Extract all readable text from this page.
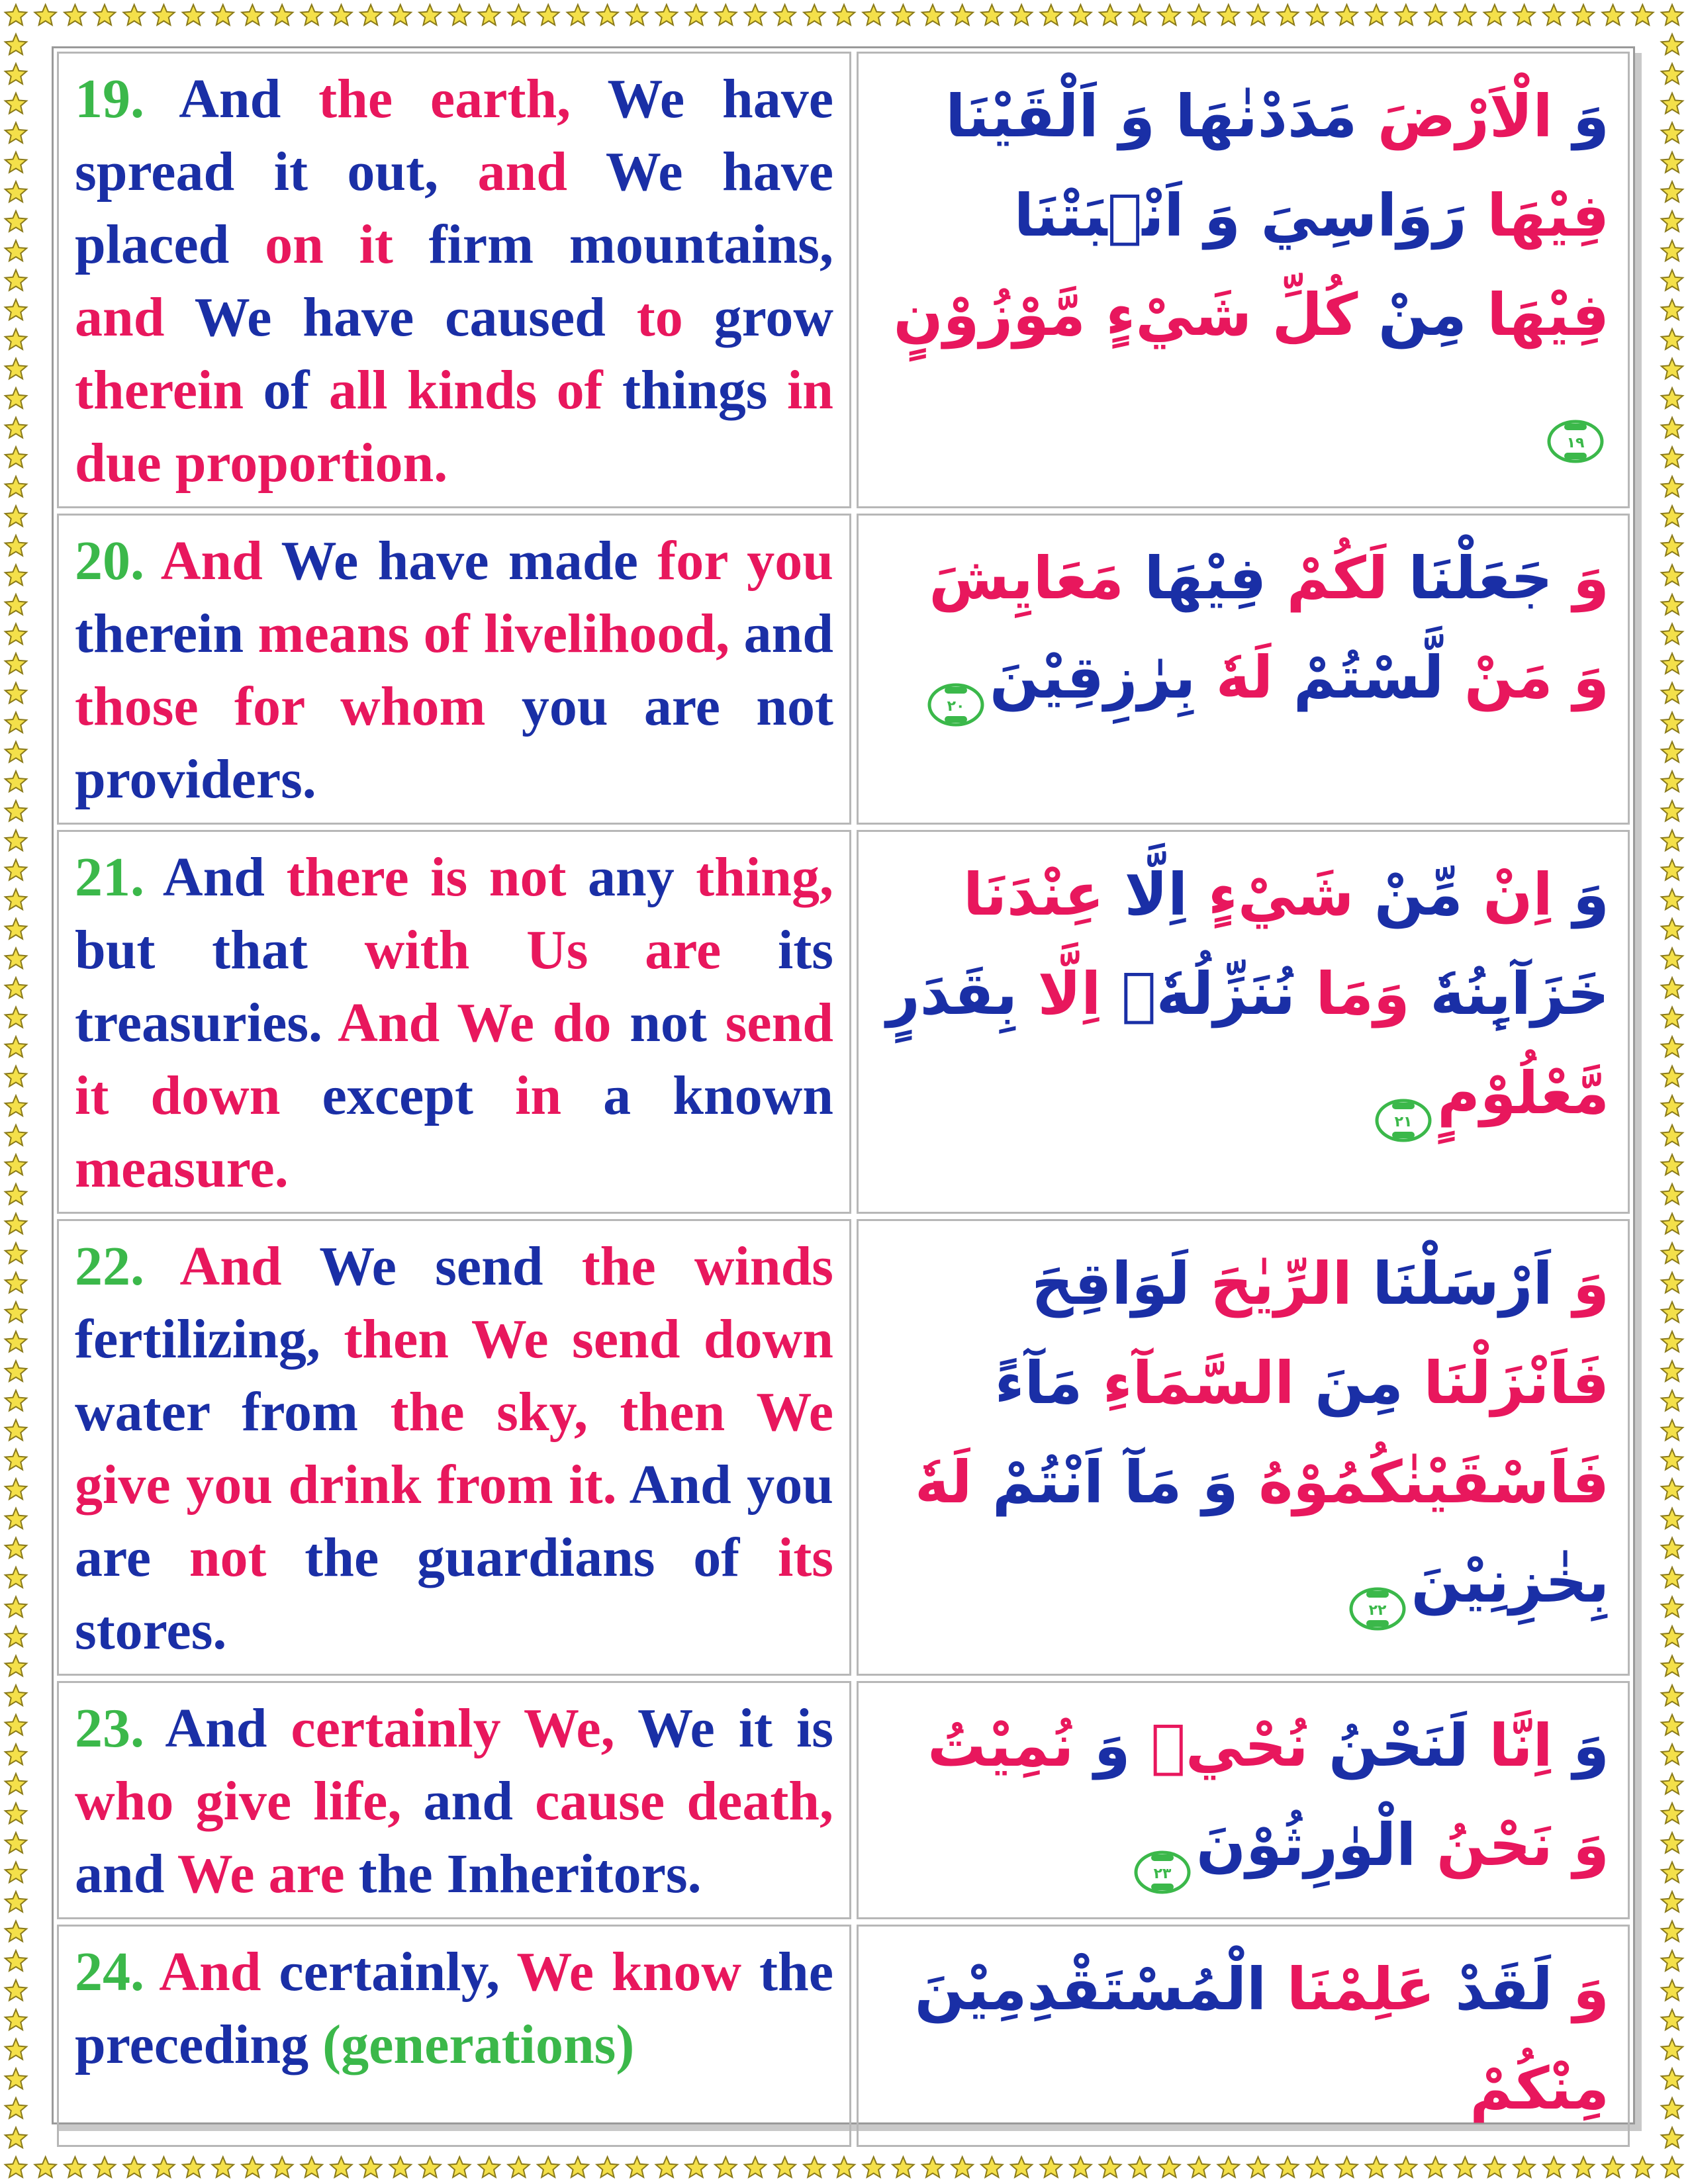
19. And the earth, We have spread it out, and We have placed on it firm mountains, and We have caused to grow therein of all kinds of things in due proportion.	وَ الْاَرْضَ مَدَدْنٰهَا وَ اَلْقَيْنَا فِيْهَا رَوَاسِيَ وَ اَنْۢبَتْنَا فِيْهَا مِنْ كُلِّ شَيْءٍ مَّوْزُوْنٍ
١٩

20. And We have made for you therein means of livelihood, and those for whom you are not providers.	وَ جَعَلْنَا لَكُمْ فِيْهَا مَعَايِشَ وَ مَنْ لَّسْتُمْ لَهٗ بِرٰزِقِيْنَ
٢٠

21. And there is not any thing, but that with Us are its treasuries. And We do not send it down except in a known measure.	وَ اِنْ مِّنْ شَيْءٍ اِلَّا عِنْدَنَا خَزَآىِٕنُهٗ وَمَا نُنَزِّلُهٗۤ اِلَّا بِقَدَرٍ مَّعْلُوْمٍ
٢١

22. And We send the winds fertilizing, then We send down water from the sky, then We give you drink from it. And you are not the guardians of its stores.	وَ اَرْسَلْنَا الرِّيٰحَ لَوَاقِحَ فَاَنْزَلْنَا مِنَ السَّمَآءِ مَآءً فَاَسْقَيْنٰكُمُوْهُ وَ مَآ اَنْتُمْ لَهٗ بِخٰزِنِيْنَ
٢٢

23. And certainly We, We it is who give life, and cause death, and We are the Inheritors.	وَ اِنَّا لَنَحْنُ نُحْيٖ وَ نُمِيْتُ وَ نَحْنُ الْوٰرِثُوْنَ
٢٣

24. And certainly, We know the preceding (generations)	وَ لَقَدْ عَلِمْنَا الْمُسْتَقْدِمِيْنَ مِنْكُمْ
